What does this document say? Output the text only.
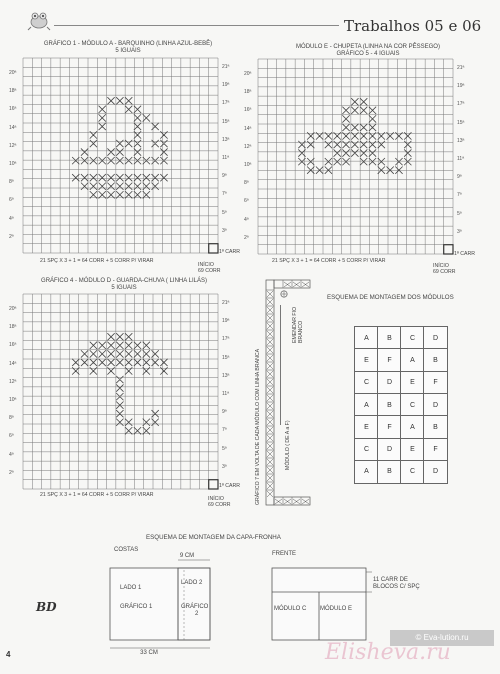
Trabalhos 05 e 06
GRÁFICO 1 - MÓDULO A - BARQUINHO (LINHA AZUL-BEBÊ)
5 IGUAIS
20ª
18ª
16ª
14ª
12ª
10ª
8ª
6ª
4ª
2ª
21ª
19ª
17ª
15ª
13ª
11ª
9ª
7ª
5ª
3ª
21 SPÇ X 3 + 1 = 64 CORR + 5 CORR P/ VIRAR
1ª CARR
INÍCIO
69 CORR
MÓDULO E - CHUPETA (LINHA NA COR PÊSSEGO)
GRÁFICO 5 - 4 IGUAIS
20ª
18ª
16ª
14ª
12ª
10ª
8ª
6ª
4ª
2ª
21ª
19ª
17ª
15ª
13ª
11ª
9ª
7ª
5ª
3ª
21 SPÇ X 3 + 1 = 64 CORR + 5 CORR P/ VIRAR
1ª CARR
INÍCIO
69 CORR
GRÁFICO 4 - MÓDULO D - GUARDA-CHUVA ( LINHA LILÁS)
5 IGUAIS
20ª
18ª
16ª
14ª
12ª
10ª
8ª
6ª
4ª
2ª
21ª
19ª
17ª
15ª
13ª
11ª
9ª
7ª
5ª
3ª
21 SPÇ X 3 + 1 = 64 CORR + 5 CORR P/ VIRAR
1ª CARR
INÍCIO
69 CORR	GRÁFICO 7 EM VOLTA DE CADA MÓDULO COM LINHA BRANCA	MÓDULO ( DE A a F)
EMENDAR FIO BRANCO
ESQUEMA DE MONTAGEM DOS MÓDULOS
A	B	C	D
E	F	A	B
C	D	E	F
A	B	C	D
E	F	A	B
C	D	E	F
A	B	C	D
ESQUEMA DE MONTAGEM DA CAPA-FRONHA
COSTAS
FRENTE
9 CM
33 CM
LADO 1
GRÁFICO 1
LADO 2
GRÁFICO
2
MÓDULO C MÓDULO E
11 CARR DE
BLOCOS C/ SPÇ
BD
4
© Eva-lution.ru
Elisheva.ru
